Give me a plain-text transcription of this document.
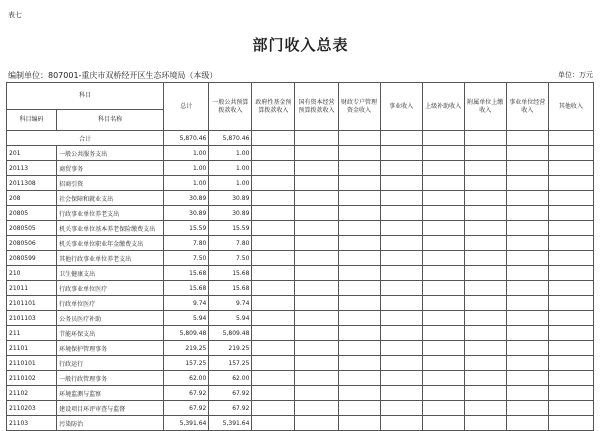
表七
部门收入总表
编制单位：807001-重庆市双桥经开区生态环境局（本级）	单位：万元
科目		总计	一般公共预算拨款收入	政府性基金预算拨款收入	国有资本经营预算拨款收入	财政专户管理资金收入	事业收入	上级补助收入	附属单位上缴收入	事业单位经营收入	其他收入
科目编码	科目名称										
合计		5,870.46	5,870.46								
201	一般公共服务支出	1.00	1.00								
20113	商贸事务	1.00	1.00								
2011308	招商引资	1.00	1.00								
208	社会保障和就业支出	30.89	30.89								
20805	行政事业单位养老支出	30.89	30.89								
2080505	机关事业单位基本养老保险缴费支出	15.59	15.59								
2080506	机关事业单位职业年金缴费支出	7.80	7.80								
2080599	其他行政事业单位养老支出	7.50	7.50								
210	卫生健康支出	15.68	15.68								
21011	行政事业单位医疗	15.68	15.68								
2101101	行政单位医疗	9.74	9.74								
2101103	公务员医疗补助	5.94	5.94								
211	节能环保支出	5,809.48	5,809.48								
21101	环境保护管理事务	219.25	219.25								
2110101	行政运行	157.25	157.25								
2110102	一般行政管理事务	62.00	62.00								
21102	环境监测与监察	67.92	67.92								
2110203	建设项目环评审查与监督	67.92	67.92								
21103	污染防治	5,391.64	5,391.64								
